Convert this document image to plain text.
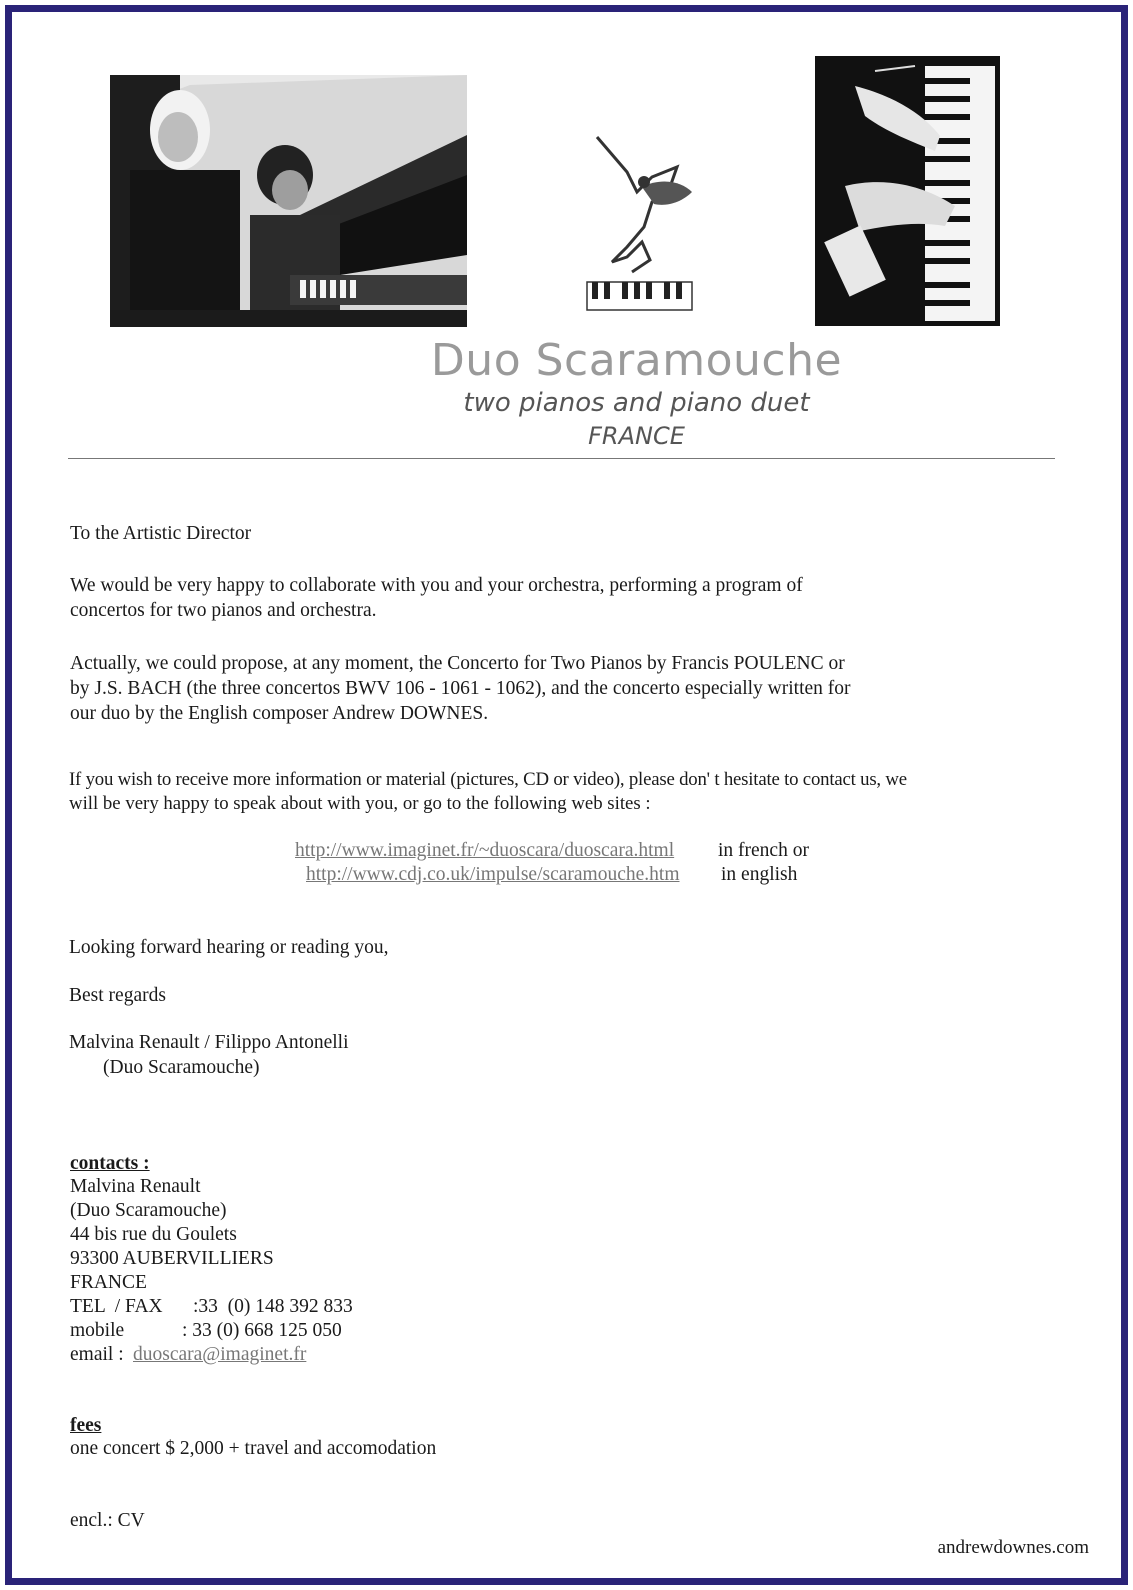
Duo Scaramouche
two pianos and piano duet
FRANCE
To the Artistic Director
We would be very happy to collaborate with you and your orchestra, performing a program of
concertos for two pianos and orchestra.
Actually, we could propose, at any moment, the Concerto for Two Pianos by Francis POULENC or
by J.S. BACH (the three concertos BWV 106 - 1061 - 1062), and the concerto especially written for
our duo by the English composer Andrew DOWNES.
If you wish to receive more information or material (pictures, CD or video), please don' t hesitate to contact us, we
will be very happy to speak about with you, or go to the following web sites :
http://www.imaginet.fr/~duoscara/duoscara.html in french or
http://www.cdj.co.uk/impulse/scaramouche.htm in english
Looking forward hearing or reading you,
Best regards
Malvina Renault / Filippo Antonelli
(Duo Scaramouche)
contacts :
Malvina Renault
(Duo Scaramouche)
44 bis rue du Goulets
93300 AUBERVILLIERS
FRANCE
TEL  / FAX :33  (0) 148 392 833
mobile	: 33 (0) 668 125 050
email : duoscara@imaginet.fr
fees
one concert $ 2,000 + travel and accomodation
encl.: CV
andrewdownes.com
